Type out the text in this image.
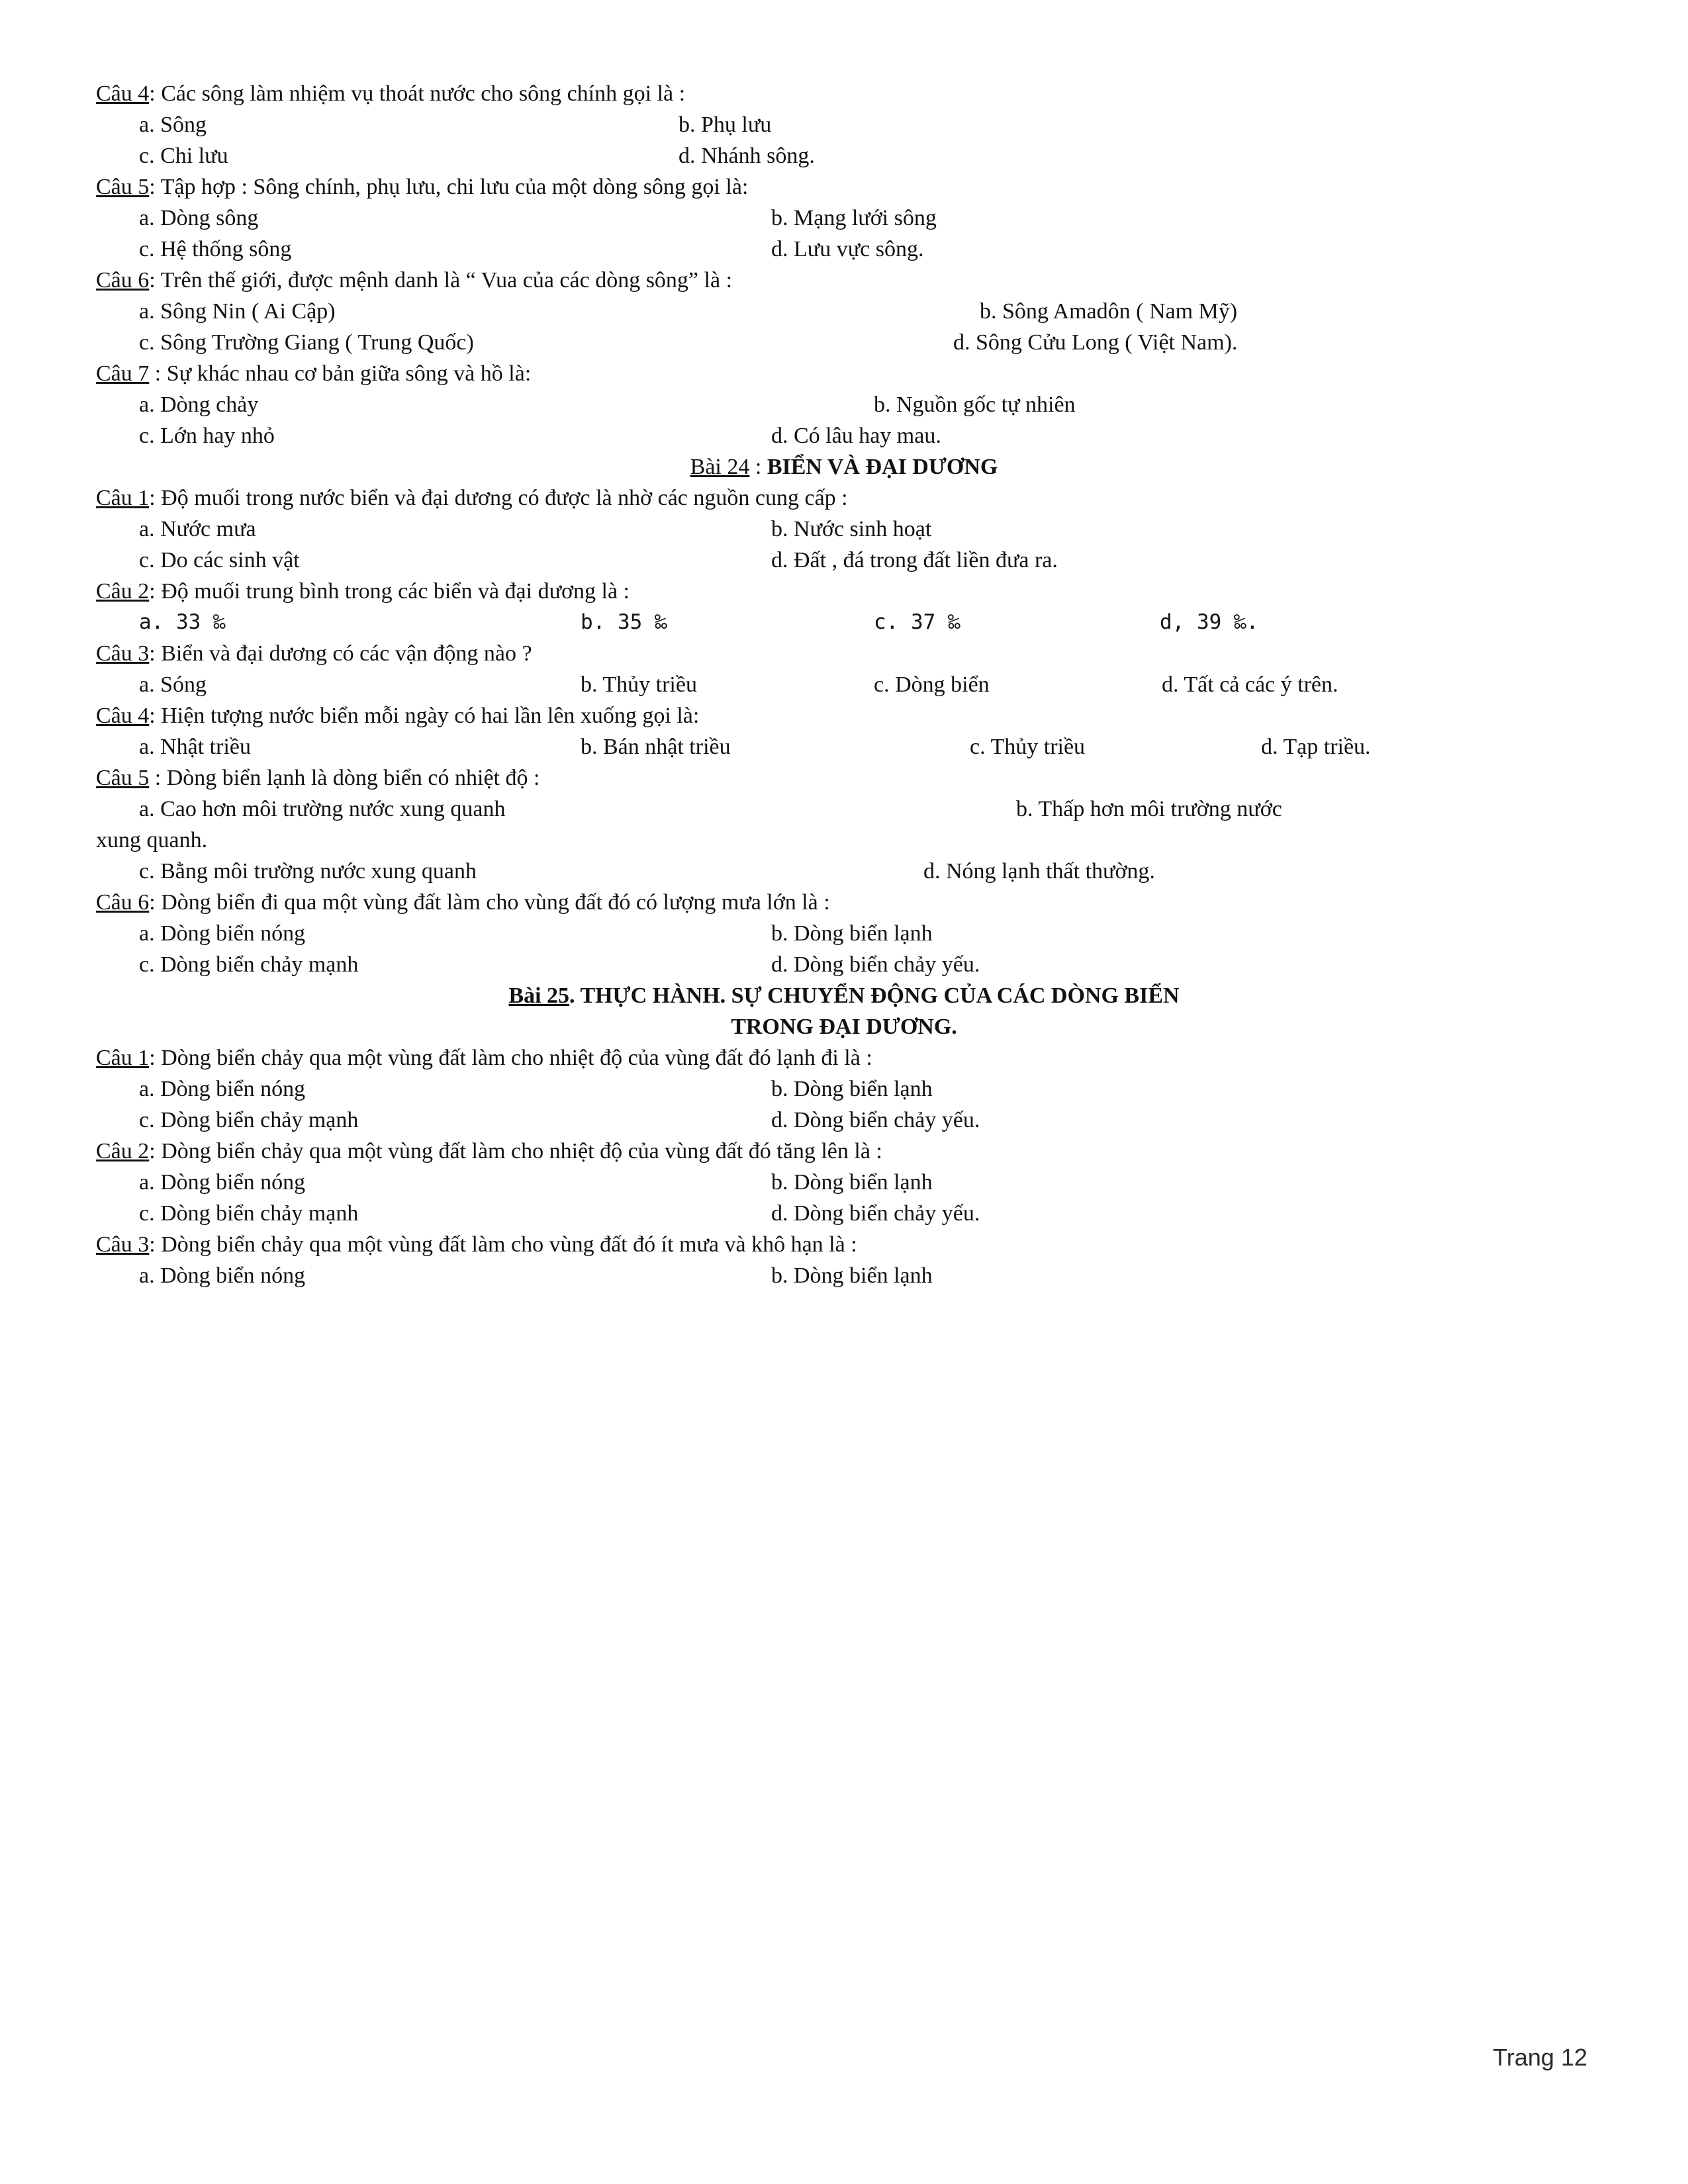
Câu 4: Các sông làm nhiệm vụ thoát nước cho sông chính gọi là :
a. Sông	b. Phụ lưu
c. Chi lưu	d. Nhánh sông.
Câu 5: Tập hợp : Sông chính, phụ lưu, chi lưu của một dòng sông gọi là:
a. Dòng sông	b. Mạng lưới sông
c. Hệ thống sông	d. Lưu vực sông.
Câu 6: Trên thế giới, được mệnh danh là “ Vua của các dòng sông” là :
a. Sông Nin ( Ai Cập)	b. Sông Amadôn ( Nam Mỹ)
c. Sông Trường Giang ( Trung Quốc)	d. Sông Cửu Long ( Việt Nam).
Câu 7 : Sự khác nhau cơ bản giữa sông và hồ là:
a. Dòng chảy	b. Nguồn gốc tự nhiên
c. Lớn hay nhỏ	d. Có lâu hay mau.
Bài 24 : BIỂN VÀ ĐẠI DƯƠNG
Câu 1: Độ muối trong nước biển và đại dương có được là nhờ các nguồn cung cấp :
a. Nước mưa	b. Nước sinh hoạt
c. Do các sinh vật	d. Đất , đá trong đất liền đưa ra.
Câu 2: Độ muối trung bình trong các biển và đại dương là :
a. 33 ‰	b. 35 ‰	c. 37 ‰	d, 39 ‰.
Câu 3: Biển và đại dương có các vận động nào ?
a. Sóng	b. Thủy triều	c. Dòng biển	d. Tất cả các ý trên.
Câu 4: Hiện tượng nước biển mỗi ngày có hai lần lên xuống gọi là:
a. Nhật triều	b. Bán nhật triều	c. Thủy triều	d. Tạp triều.
Câu 5 : Dòng biển lạnh là dòng biển có nhiệt độ :
a. Cao hơn môi trường nước xung quanh	b. Thấp hơn môi trường nước
xung quanh.
c. Bằng môi trường nước xung quanh	d. Nóng lạnh thất thường.
Câu 6: Dòng biển đi qua một vùng đất làm cho vùng đất đó có lượng mưa lớn là :
a. Dòng biển nóng	b. Dòng biển lạnh
c. Dòng biển chảy mạnh	d. Dòng biển chảy yếu.
Bài 25. THỰC HÀNH. SỰ CHUYỂN ĐỘNG CỦA CÁC DÒNG BIỂN
TRONG ĐẠI DƯƠNG.
Câu 1: Dòng biển chảy qua một vùng đất làm cho nhiệt độ của vùng đất đó lạnh đi là :
a. Dòng biển nóng	b. Dòng biển lạnh
c. Dòng biển chảy mạnh	d. Dòng biển chảy yếu.
Câu 2: Dòng biển chảy qua một vùng đất làm cho nhiệt độ của vùng đất đó tăng lên là :
a. Dòng biển nóng	b. Dòng biển lạnh
c. Dòng biển chảy mạnh	d. Dòng biển chảy yếu.
Câu 3: Dòng biển chảy qua một vùng đất làm cho vùng đất đó ít mưa và khô hạn là :
a. Dòng biển nóng	b. Dòng biển lạnh
Trang 12
